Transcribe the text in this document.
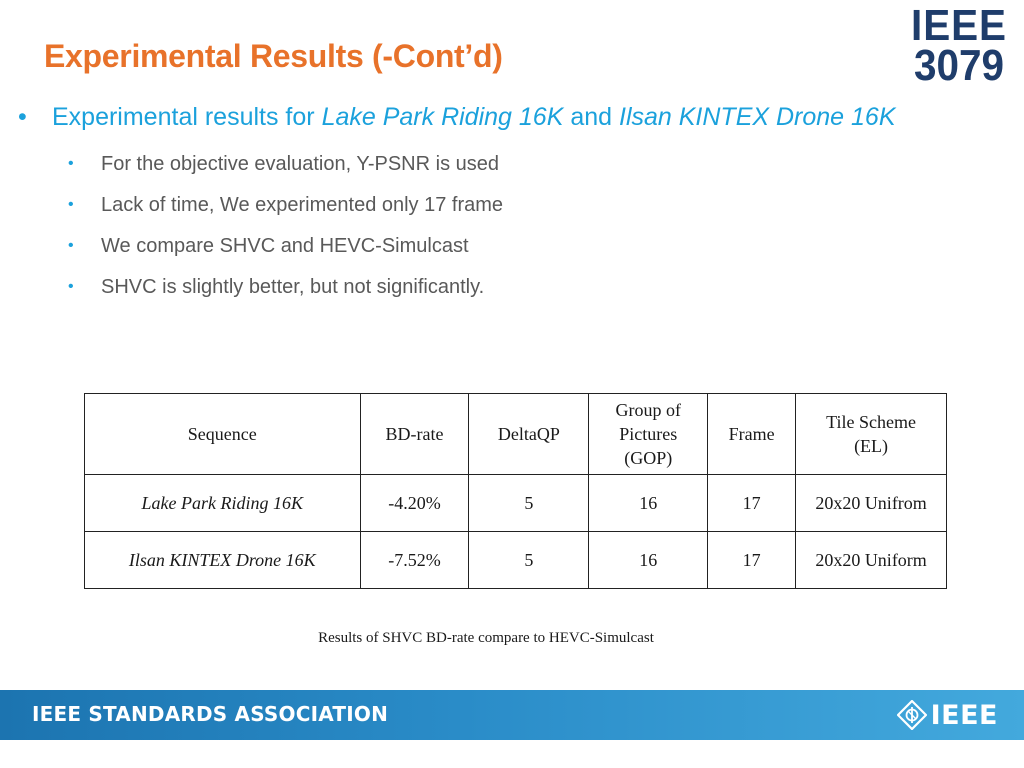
Experimental Results (-Cont’d)
IEEE
3079
• Experimental results for Lake Park Riding 16K and Ilsan KINTEX Drone 16K
• For the objective evaluation, Y-PSNR is used
• Lack of time, We experimented only 17 frame
• We compare SHVC and HEVC-Simulcast
• SHVC is slightly better, but not significantly.
Sequence	BD-rate	DeltaQP	Group of
Pictures
(GOP)	Frame	Tile Scheme
(EL)
Lake Park Riding 16K	-4.20%	5	16	17	20x20 Unifrom
Ilsan KINTEX Drone 16K	-7.52%	5	16	17	20x20 Uniform
Results of SHVC BD-rate compare to HEVC-Simulcast
IEEE STANDARDS ASSOCIATION	IEEE
